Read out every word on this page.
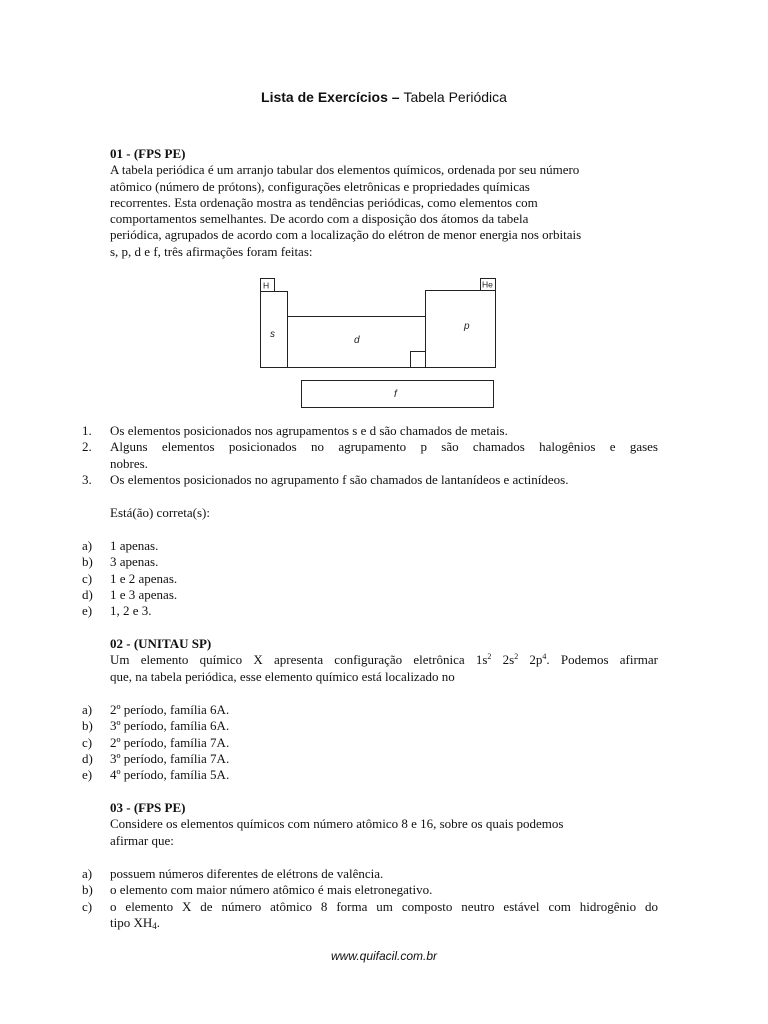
Lista de Exercícios – Tabela Periódica
01 - (FPS PE)
A tabela periódica é um arranjo tabular dos elementos químicos, ordenada por seu número
atômico (número de prótons), configurações eletrônicas e propriedades químicas
recorrentes. Esta ordenação mostra as tendências periódicas, como elementos com
comportamentos semelhantes. De acordo com a disposição dos átomos da tabela
periódica, agrupados de acordo com a localização do elétron de menor energia nos orbitais
s, p, d e f, três afirmações foram feitas:
H	He
s
d
p
f
1.	Os elementos posicionados nos agrupamentos s e d são chamados de metais.
2.	Alguns elementos posicionados no agrupamento p são chamados halogênios e gases
nobres.
3.	Os elementos posicionados no agrupamento f são chamados de lantanídeos e actinídeos.
Está(ão) correta(s):
a)	1 apenas.
b)	3 apenas.
c)	1 e 2 apenas.
d)	1 e 3 apenas.
e)	1, 2 e 3.
02 - (UNITAU SP)
Um elemento químico X apresenta configuração eletrônica $1s^2$ $2s^2$ $2p^4$. Podemos afirmar
que, na tabela periódica, esse elemento químico está localizado no
a)	2º período, família 6A.
b)	3º período, família 6A.
c)	2º período, família 7A.
d)	3º período, família 7A.
e)	4º período, família 5A.
03 - (FPS PE)
Considere os elementos químicos com número atômico 8 e 16, sobre os quais podemos
afirmar que:
a)	possuem números diferentes de elétrons de valência.
b)	o elemento com maior número atômico é mais eletronegativo.
c)	o elemento X de número atômico 8 forma um composto neutro estável com hidrogênio do
tipo $XH_4$.
www.quifacil.com.br
